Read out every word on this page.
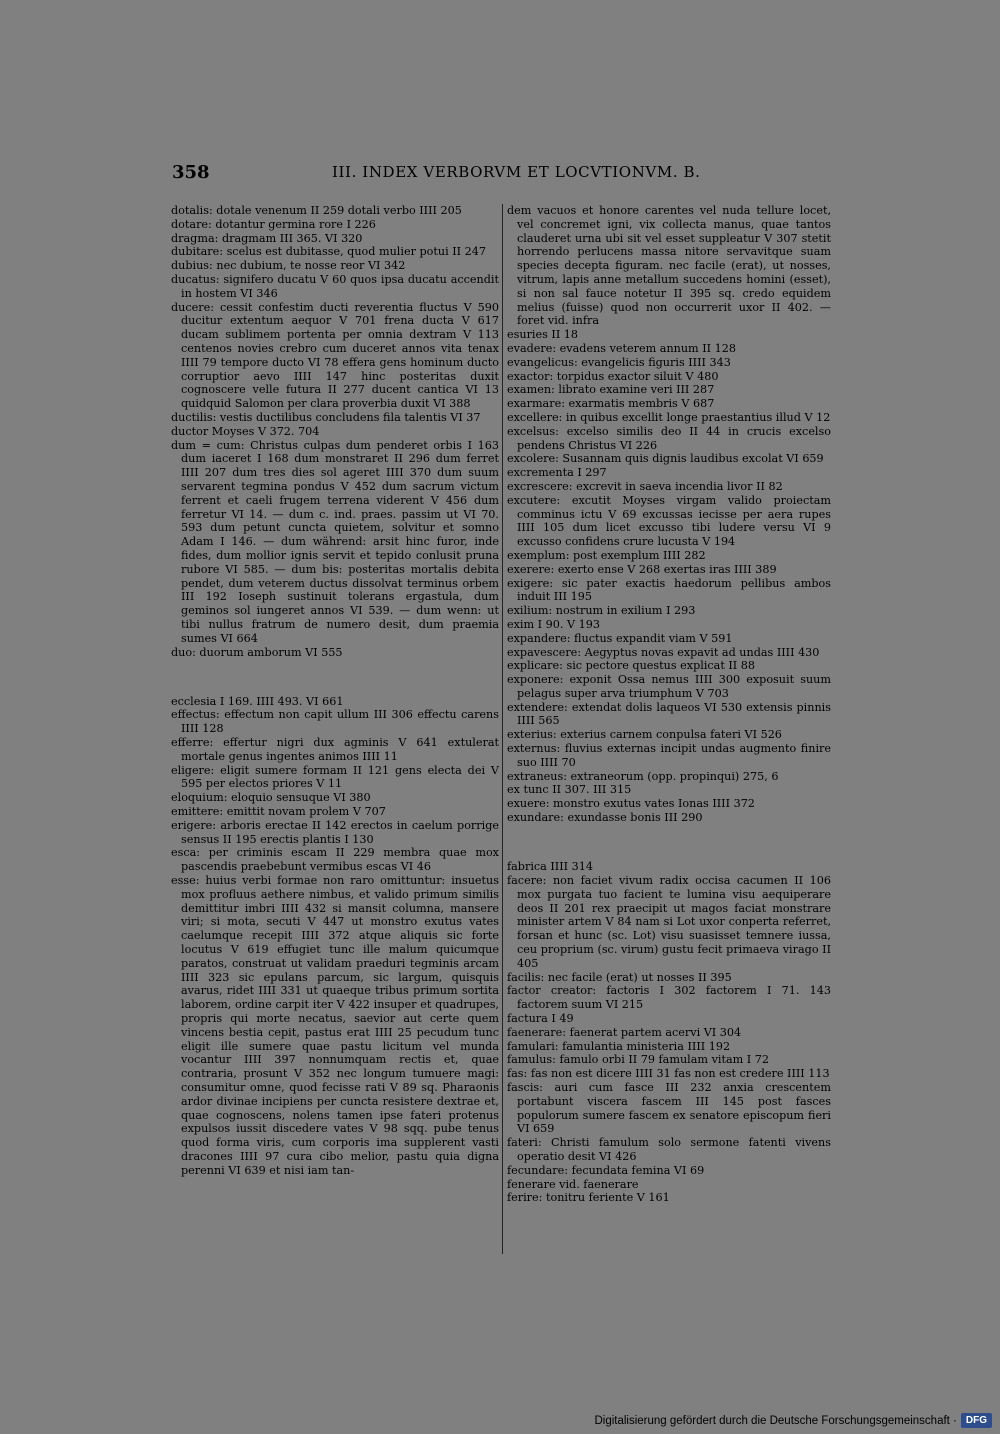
358	III. INDEX VERBORVM ET LOCVTIONVM. B.

dotalis: dotale venenum II 259 dotali verbo IIII 205

dotare: dotantur germina rore I 226

dragma: dragmam III 365. VI 320

dubitare: scelus est dubitasse, quod mulier potui II 247

dubius: nec dubium, te nosse reor VI 342

ducatus: signifero ducatu V 60 quos ipsa ducatu accendit in hostem VI 346

ducere: cessit confestim ducti reverentia fluctus V 590 ducitur extentum aequor V 701 frena ducta V 617 ducam sublimem portenta per omnia dextram V 113 centenos novies crebro cum duceret annos vita tenax IIII 79 tempore ducto VI 78 effera gens hominum ducto corruptior aevo IIII 147 hinc posteritas duxit cognoscere velle futura II 277 ducent cantica VI 13 quidquid Salomon per clara proverbia duxit VI 388

ductilis: vestis ductilibus concludens fila talentis VI 37

ductor Moyses V 372. 704

dum = cum: Christus culpas dum penderet orbis I 163 dum iaceret I 168 dum monstraret II 296 dum ferret IIII 207 dum tres dies sol ageret IIII 370 dum suum servarent tegmina pondus V 452 dum sacrum victum ferrent et caeli frugem terrena viderent V 456 dum ferretur VI 14. — dum c. ind. praes. passim ut VI 70. 593 dum petunt cuncta quietem, solvitur et somno Adam I 146. — dum während: arsit hinc furor, inde fides, dum mollior ignis servit et tepido conlusit pruna rubore VI 585. — dum bis: posteritas mortalis debita pendet, dum veterem ductus dissolvat terminus orbem III 192 Ioseph sustinuit tolerans ergastula, dum geminos sol iungeret annos VI 539. — dum wenn: ut tibi nullus fratrum de numero desit, dum praemia sumes VI 664

duo: duorum amborum VI 555

ecclesia I 169. IIII 493. VI 661

effectus: effectum non capit ullum III 306 effectu carens IIII 128

efferre: effertur nigri dux agminis V 641 extulerat mortale genus ingentes animos IIII 11

eligere: eligit sumere formam II 121 gens electa dei V 595 per electos priores V 11

eloquium: eloquio sensuque VI 380

emittere: emittit novam prolem V 707

erigere: arboris erectae II 142 erectos in caelum porrige sensus II 195 erectis plantis I 130

esca: per criminis escam II 229 membra quae mox pascendis praebebunt vermibus escas VI 46

esse: huius verbi formae non raro omittuntur: insuetus mox profluus aethere nimbus, et valido primum similis demittitur imbri IIII 432 si mansit columna, mansere viri; si mota, secuti V 447 ut monstro exutus vates caelumque recepit IIII 372 atque aliquis sic forte locutus V 619 effugiet tunc ille malum quicumque paratos, construat ut validam praeduri tegminis arcam IIII 323 sic epulans parcum, sic largum, quisquis avarus, ridet IIII 331 ut quaeque tribus primum sortita laborem, ordine carpit iter V 422 insuper et quadrupes, propris qui morte necatus, saevior aut certe quem vincens bestia cepit, pastus erat IIII 25 pecudum tunc eligit ille sumere quae pastu licitum vel munda vocantur IIII 397 nonnumquam rectis et, quae contraria, prosunt V 352 nec longum tumuere magi: consumitur omne, quod fecisse rati V 89 sq. Pharaonis ardor divinae incipiens per cuncta resistere dextrae et, quae cognoscens, nolens tamen ipse fateri protenus expulsos iussit discedere vates V 98 sqq. pube tenus quod forma viris, cum corporis ima supplerent vasti dracones IIII 97 cura cibo melior, pastu quia digna perenni VI 639 et nisi iam tan-

dem vacuos et honore carentes vel nuda tellure locet, vel concremet igni, vix collecta manus, quae tantos clauderet urna ubi sit vel esset suppleatur V 307 stetit horrendo perlucens massa nitore servavitque suam species decepta figuram. nec facile (erat), ut nosses, vitrum, lapis anne metallum succedens homini (esset), si non sal fauce notetur II 395 sq. credo equidem melius (fuisse) quod non occurrerit uxor II 402. — foret vid. infra

esuries II 18

evadere: evadens veterem annum II 128

evangelicus: evangelicis figuris IIII 343

exactor: torpidus exactor siluit V 480

examen: librato examine veri III 287

exarmare: exarmatis membris V 687

excellere: in quibus excellit longe praestantius illud V 12

excelsus: excelso similis deo II 44 in crucis excelso pendens Christus VI 226

excolere: Susannam quis dignis laudibus excolat VI 659

excrementa I 297

excrescere: excrevit in saeva incendia livor II 82

excutere: excutit Moyses virgam valido proiectam comminus ictu V 69 excussas iecisse per aera rupes IIII 105 dum licet excusso tibi ludere versu VI 9 excusso confidens crure lucusta V 194

exemplum: post exemplum IIII 282

exerere: exerto ense V 268 exertas iras IIII 389

exigere: sic pater exactis haedorum pellibus ambos induit III 195

exilium: nostrum in exilium I 293

exim I 90. V 193

expandere: fluctus expandit viam V 591

expavescere: Aegyptus novas expavit ad undas IIII 430

explicare: sic pectore questus explicat II 88

exponere: exponit Ossa nemus IIII 300 exposuit suum pelagus super arva triumphum V 703

extendere: extendat dolis laqueos VI 530 extensis pinnis IIII 565

exterius: exterius carnem conpulsa fateri VI 526

externus: fluvius externas incipit undas augmento finire suo IIII 70

extraneus: extraneorum (opp. propinqui) 275, 6

ex tunc II 307. III 315

exuere: monstro exutus vates Ionas IIII 372

exundare: exundasse bonis III 290

fabrica IIII 314

facere: non faciet vivum radix occisa cacumen II 106 mox purgata tuo facient te lumina visu aequiperare deos II 201 rex praecipit ut magos faciat monstrare minister artem V 84 nam si Lot uxor conperta referret, forsan et hunc (sc. Lot) visu suasisset temnere iussa, ceu proprium (sc. virum) gustu fecit primaeva virago II 405

facilis: nec facile (erat) ut nosses II 395

factor creator: factoris I 302 factorem I 71. 143 factorem suum VI 215

factura I 49

faenerare: faenerat partem acervi VI 304

famulari: famulantia ministeria IIII 192

famulus: famulo orbi II 79 famulam vitam I 72

fas: fas non est dicere IIII 31 fas non est credere IIII 113

fascis: auri cum fasce III 232 anxia crescentem portabunt viscera fascem III 145 post fasces populorum sumere fascem ex senatore episcopum fieri VI 659

fateri: Christi famulum solo sermone fatenti vivens operatio desit VI 426

fecundare: fecundata femina VI 69

fenerare vid. faenerare

ferire: tonitru feriente V 161

Digitalisierung gefördert durch die Deutsche Forschungsgemeinschaft · DFG
